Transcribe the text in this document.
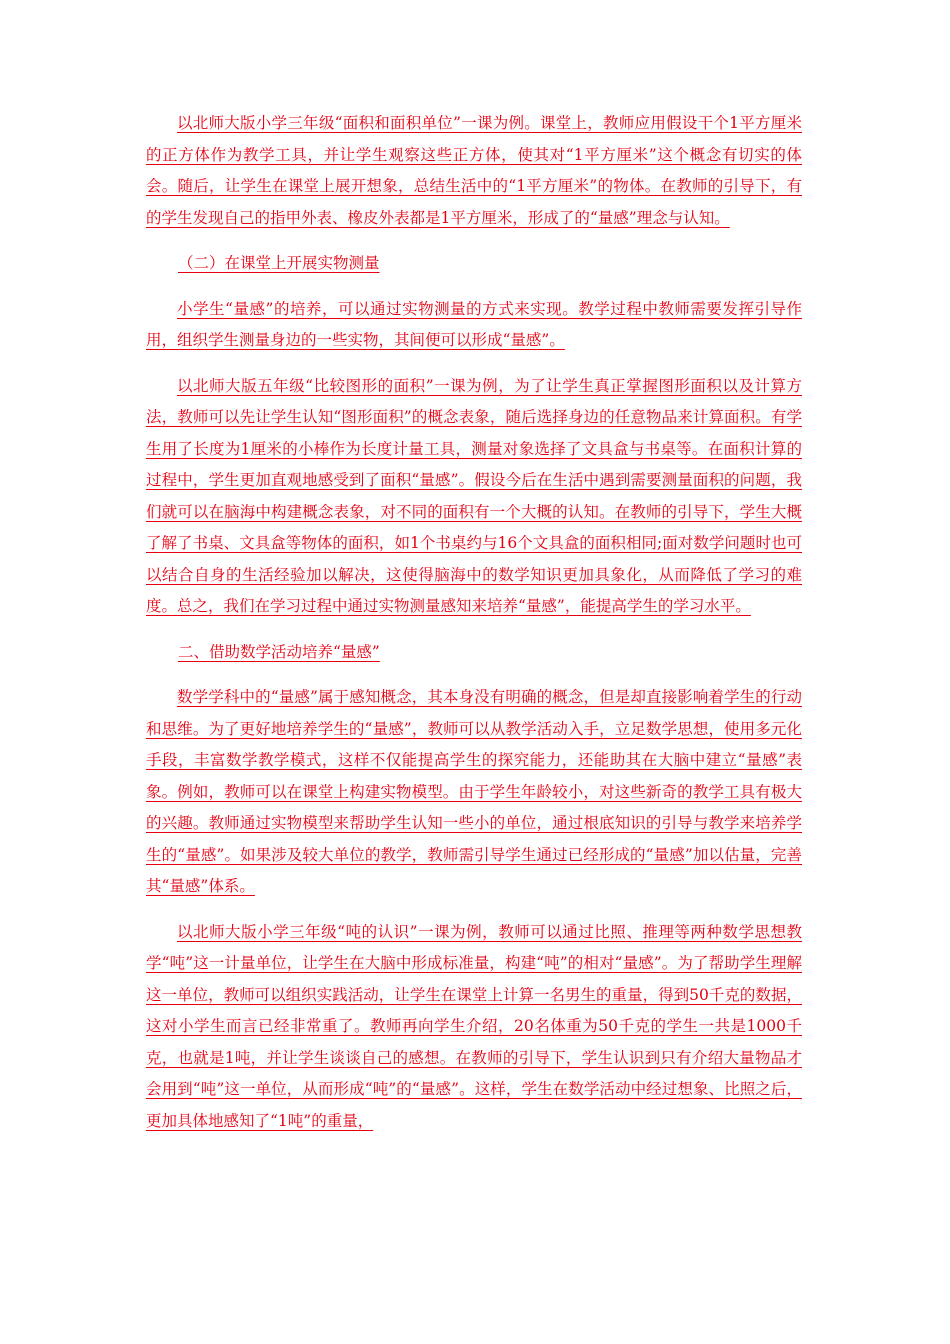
以北师大版小学三年级“面积和面积单位”一课为例。课堂上，教师应用假设干个1平方厘米的正方体作为教学工具，并让学生观察这些正方体，使其对“1平方厘米”这个概念有切实的体会。随后，让学生在课堂上展开想象，总结生活中的“1平方厘米”的物体。在教师的引导下，有的学生发现自己的指甲外表、橡皮外表都是1平方厘米，形成了的“量感”理念与认知。

（二）在课堂上开展实物测量

小学生“量感”的培养，可以通过实物测量的方式来实现。教学过程中教师需要发挥引导作用，组织学生测量身边的一些实物，其间便可以形成“量感”。

以北师大版五年级“比较图形的面积”一课为例，为了让学生真正掌握图形面积以及计算方法，教师可以先让学生认知“图形面积”的概念表象，随后选择身边的任意物品来计算面积。有学生用了长度为1厘米的小棒作为长度计量工具，测量对象选择了文具盒与书桌等。在面积计算的过程中，学生更加直观地感受到了面积“量感”。假设今后在生活中遇到需要测量面积的问题，我们就可以在脑海中构建概念表象，对不同的面积有一个大概的认知。在教师的引导下，学生大概了解了书桌、文具盒等物体的面积，如1个书桌约与16个文具盒的面积相同;面对数学问题时也可以结合自身的生活经验加以解决，这使得脑海中的数学知识更加具象化，从而降低了学习的难度。总之，我们在学习过程中通过实物测量感知来培养“量感”，能提高学生的学习水平。

二、借助数学活动培养“量感”

数学学科中的“量感”属于感知概念，其本身没有明确的概念，但是却直接影响着学生的行动和思维。为了更好地培养学生的“量感”，教师可以从教学活动入手，立足数学思想，使用多元化手段，丰富数学教学模式，这样不仅能提高学生的探究能力，还能助其在大脑中建立“量感”表象。例如，教师可以在课堂上构建实物模型。由于学生年龄较小，对这些新奇的教学工具有极大的兴趣。教师通过实物模型来帮助学生认知一些小的单位，通过根底知识的引导与教学来培养学生的“量感”。如果涉及较大单位的教学，教师需引导学生通过已经形成的“量感”加以估量，完善其“量感”体系。

以北师大版小学三年级“吨的认识”一课为例，教师可以通过比照、推理等两种数学思想教学“吨”这一计量单位，让学生在大脑中形成标准量，构建“吨”的相对“量感”。为了帮助学生理解这一单位，教师可以组织实践活动，让学生在课堂上计算一名男生的重量，得到50千克的数据，这对小学生而言已经非常重了。教师再向学生介绍，20名体重为50千克的学生一共是1000千克，也就是1吨，并让学生谈谈自己的感想。在教师的引导下，学生认识到只有介绍大量物品才会用到“吨”这一单位，从而形成“吨”的“量感”。这样，学生在数学活动中经过想象、比照之后，更加具体地感知了“1吨”的重量，
